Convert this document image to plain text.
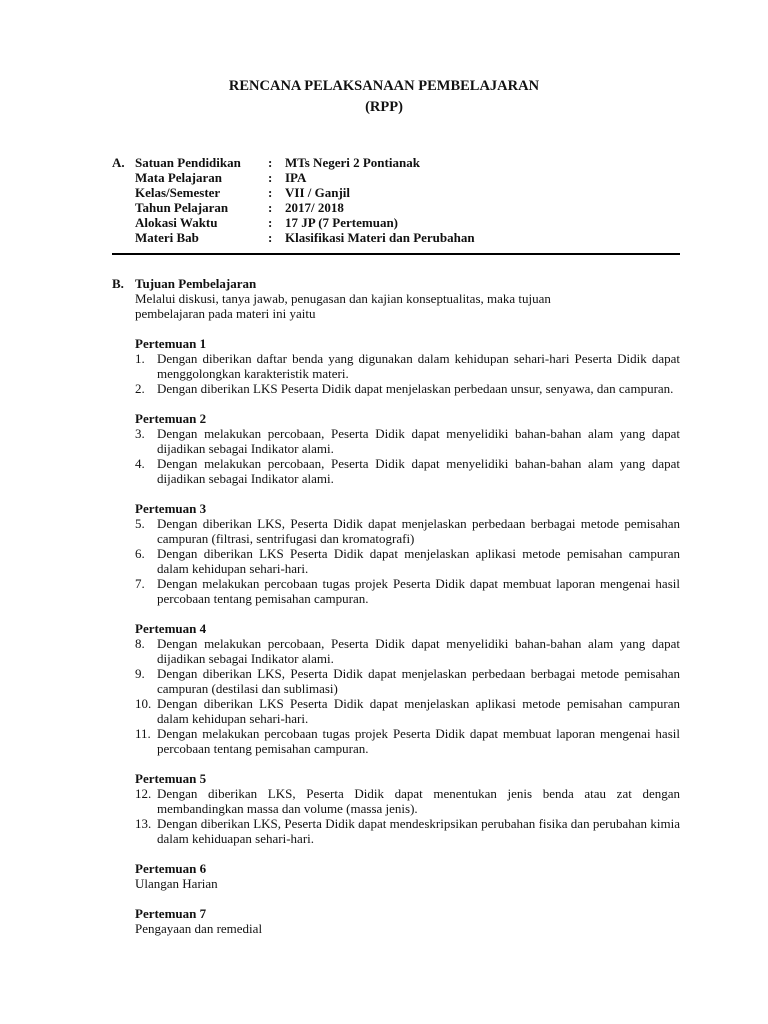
RENCANA PELAKSANAAN PEMBELAJARAN
(RPP)
A. Satuan Pendidikan : MTs Negeri 2 Pontianak
Mata Pelajaran	: IPA
Kelas/Semester	: VII / Ganjil
Tahun Pelajaran	: 2017/ 2018
Alokasi Waktu	: 17 JP (7 Pertemuan)
Materi Bab	: Klasifikasi Materi dan Perubahan
B. Tujuan Pembelajaran
Melalui diskusi, tanya jawab, penugasan dan kajian konseptualitas, maka tujuan
pembelajaran pada materi ini yaitu
Pertemuan 1
1. Dengan diberikan daftar benda yang digunakan dalam kehidupan sehari-hari Peserta Didik dapat menggolongkan karakteristik materi.
2. Dengan diberikan LKS Peserta Didik dapat menjelaskan perbedaan unsur, senyawa, dan campuran.
Pertemuan 2
3. Dengan melakukan percobaan, Peserta Didik dapat menyelidiki bahan-bahan alam yang dapat dijadikan sebagai Indikator alami.
4. Dengan melakukan percobaan, Peserta Didik dapat menyelidiki bahan-bahan alam yang dapat dijadikan sebagai Indikator alami.
Pertemuan 3
5. Dengan diberikan LKS, Peserta Didik dapat menjelaskan perbedaan berbagai metode pemisahan campuran (filtrasi, sentrifugasi dan kromatografi)
6. Dengan diberikan LKS Peserta Didik dapat menjelaskan aplikasi metode pemisahan campuran dalam kehidupan sehari-hari.
7. Dengan melakukan percobaan tugas projek Peserta Didik dapat membuat laporan mengenai hasil percobaan tentang pemisahan campuran.
Pertemuan 4
8. Dengan melakukan percobaan, Peserta Didik dapat menyelidiki bahan-bahan alam yang dapat dijadikan sebagai Indikator alami.
9. Dengan diberikan LKS, Peserta Didik dapat menjelaskan perbedaan berbagai metode pemisahan campuran (destilasi dan sublimasi)
10. Dengan diberikan LKS Peserta Didik dapat menjelaskan aplikasi metode pemisahan campuran dalam kehidupan sehari-hari.
11. Dengan melakukan percobaan tugas projek Peserta Didik dapat membuat laporan mengenai hasil percobaan tentang pemisahan campuran.
Pertemuan 5
12. Dengan diberikan LKS, Peserta Didik dapat menentukan jenis benda atau zat dengan membandingkan massa dan volume (massa jenis).
13. Dengan diberikan LKS, Peserta Didik dapat mendeskripsikan perubahan fisika dan perubahan kimia dalam kehiduapan sehari-hari.
Pertemuan 6
Ulangan Harian
Pertemuan 7
Pengayaan dan remedial
